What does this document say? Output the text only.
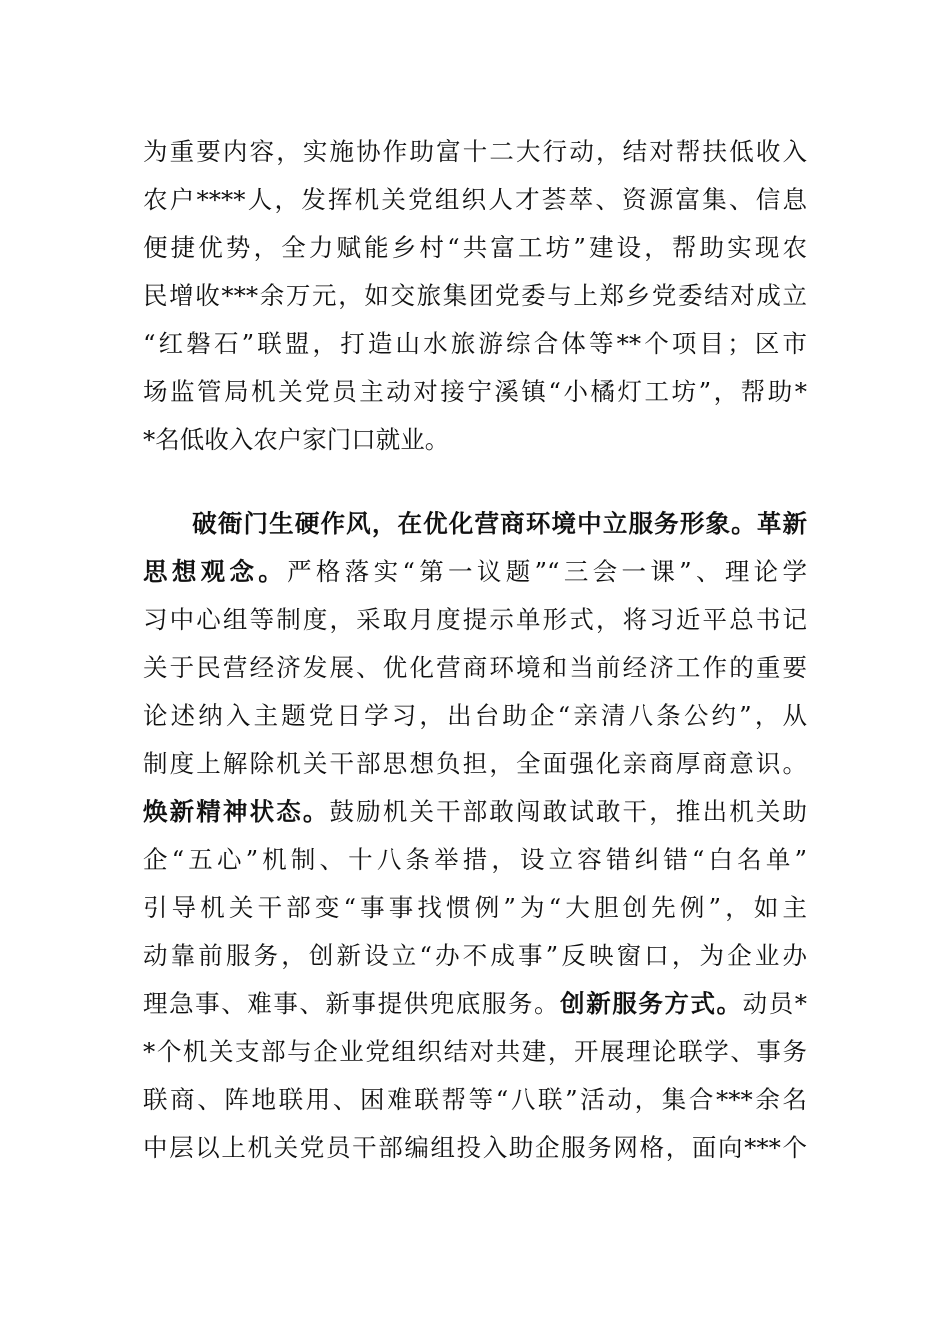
为重要内容，实施协作助富十二大行动，结对帮扶低收入
农户****人，发挥机关党组织人才荟萃、资源富集、信息
便捷优势，全力赋能乡村“共富工坊”建设，帮助实现农
民增收***余万元，如交旅集团党委与上郑乡党委结对成立
“红磐石”联盟，打造山水旅游综合体等**个项目；区市
场监管局机关党员主动对接宁溪镇“小橘灯工坊”，帮助*
*名低收入农户家门口就业。
破衙门生硬作风，在优化营商环境中立服务形象。革新
思想观念。严格落实“第一议题”“三会一课”、理论学
习中心组等制度，采取月度提示单形式，将习近平总书记
关于民营经济发展、优化营商环境和当前经济工作的重要
论述纳入主题党日学习，出台助企“亲清八条公约”，从
制度上解除机关干部思想负担，全面强化亲商厚商意识。
焕新精神状态。鼓励机关干部敢闯敢试敢干，推出机关助
企“五心”机制、十八条举措，设立容错纠错“白名单”
引导机关干部变“事事找惯例”为“大胆创先例”，如主
动靠前服务，创新设立“办不成事”反映窗口，为企业办
理急事、难事、新事提供兜底服务。创新服务方式。动员*
*个机关支部与企业党组织结对共建，开展理论联学、事务
联商、阵地联用、困难联帮等“八联”活动，集合***余名
中层以上机关党员干部编组投入助企服务网格，面向***个
